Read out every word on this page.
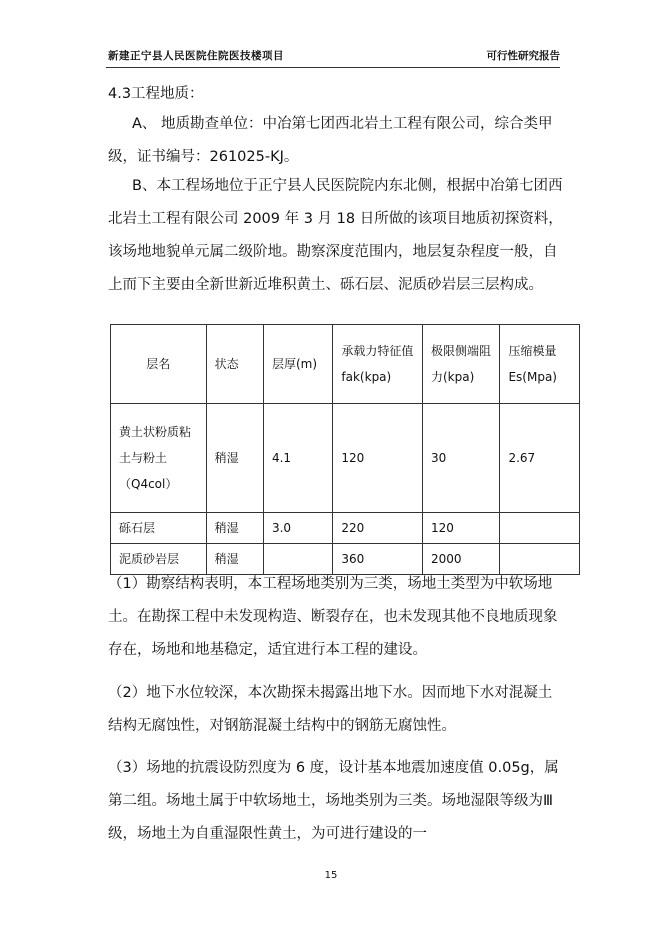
新建正宁县人民医院住院医技楼项目	可行性研究报告
4.3工程地质：
A、 地质勘查单位：中冶第七团西北岩土工程有限公司，综合类甲级，证书编号：261025-KJ。
B、本工程场地位于正宁县人民医院院内东北侧，根据中冶第七团西北岩土工程有限公司 2009 年 3 月 18 日所做的该项目地质初探资料，该场地地貌单元属二级阶地。勘察深度范围内，地层复杂程度一般，自上而下主要由全新世新近堆积黄土、砾石层、泥质砂岩层三层构成。
层名	状态	层厚(m)	承载力特征值 fak(kpa)	极限侧端阻力(kpa)	压缩模量Es(Mpa)
黄土状粉质粘土与粉土（Q4col）	稍湿	4.1	120	30	2.67
砾石层	稍湿	3.0	220	120	
泥质砂岩层	稍湿		360	2000	
（1）勘察结构表明，本工程场地类别为三类，场地土类型为中软场地土。在勘探工程中未发现构造、断裂存在，也未发现其他不良地质现象存在，场地和地基稳定，适宜进行本工程的建设。
（2）地下水位较深，本次勘探未揭露出地下水。因而地下水对混凝土结构无腐蚀性，对钢筋混凝土结构中的钢筋无腐蚀性。
（3）场地的抗震设防烈度为 6 度，设计基本地震加速度值 0.05g，属第二组。场地土属于中软场地土，场地类别为三类。场地湿限等级为Ⅲ级，场地土为自重湿限性黄土，为可进行建设的一
15
